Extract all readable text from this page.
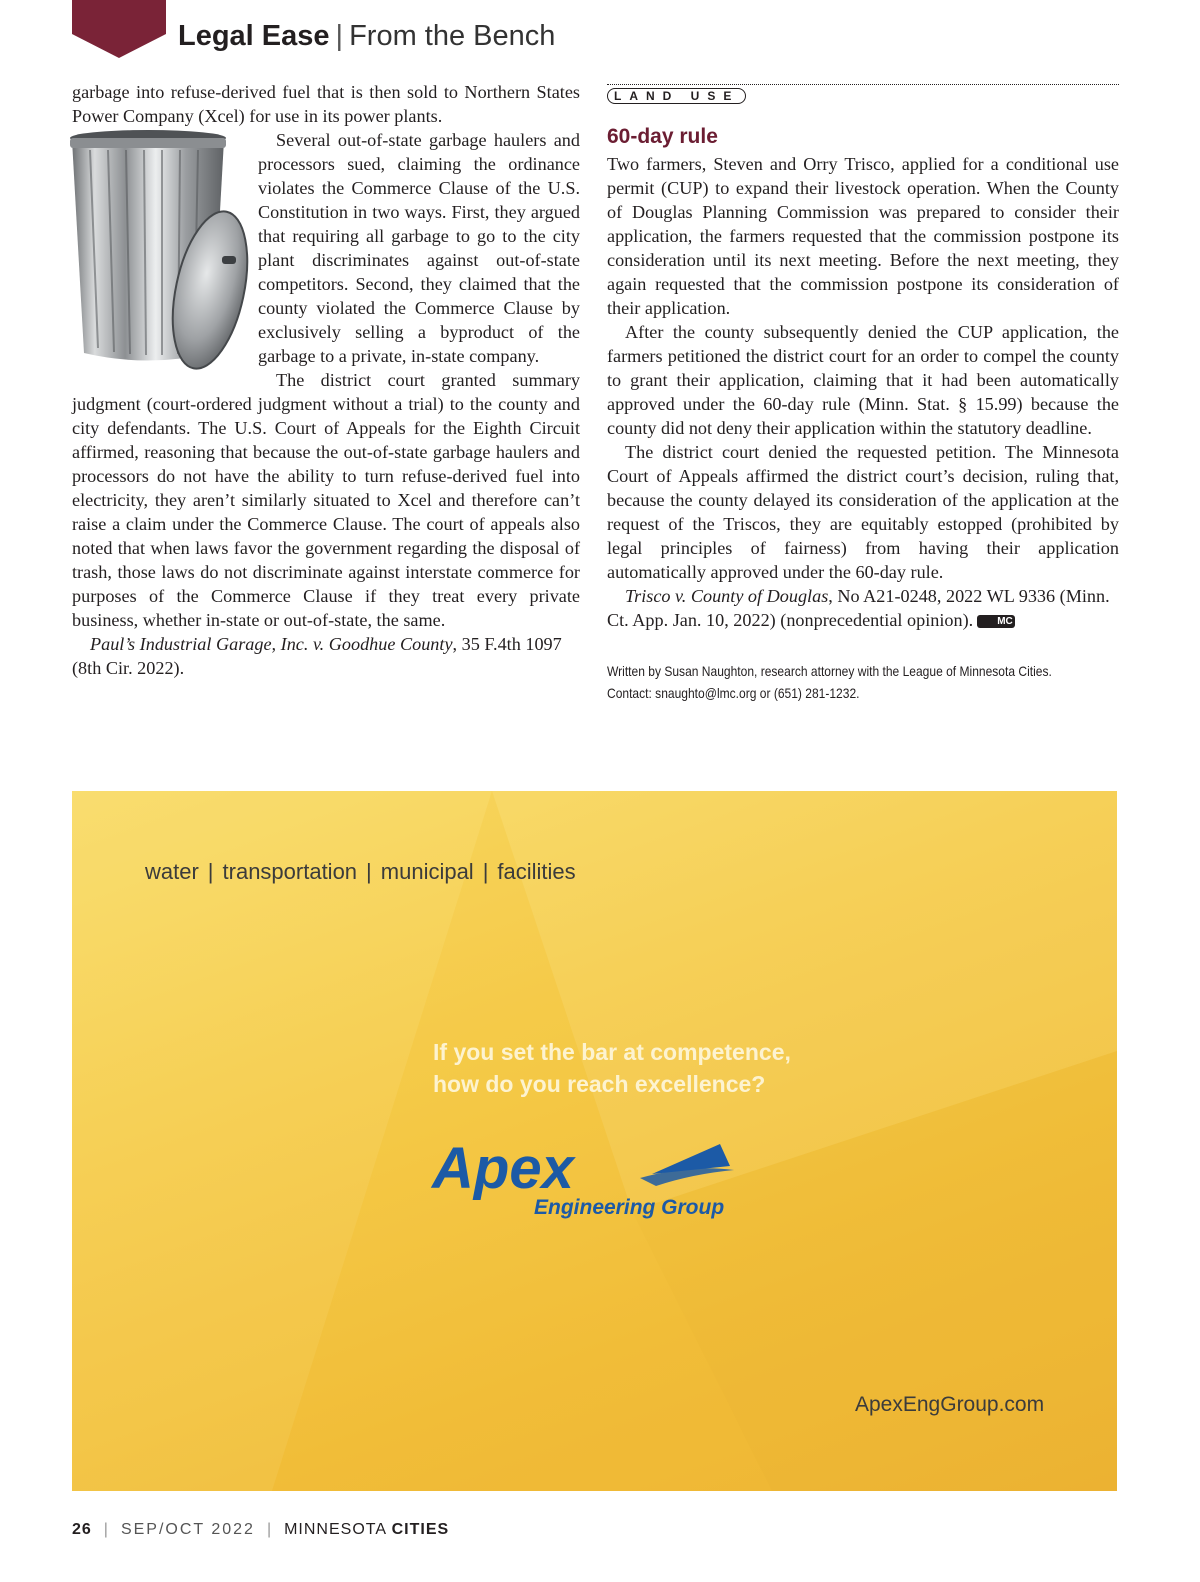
Legal Ease | From the Bench

garbage into refuse-derived fuel that is then sold to Northern States Power Company (Xcel) for use in its power plants.

Several out-of-state garbage haulers and processors sued, claiming the ordinance violates the Commerce Clause of the U.S. Constitution in two ways. First, they argued that requiring all garbage to go to the city plant discriminates against out-of-state competitors. Second, they claimed that the county violated the Commerce Clause by exclusively selling a byproduct of the garbage to a private, in-state company.

The district court granted summary judgment (court-ordered judgment without a trial) to the county and city defendants. The U.S. Court of Appeals for the Eighth Circuit affirmed, reasoning that because the out-of-state garbage haulers and processors do not have the ability to turn refuse-derived fuel into electricity, they aren’t similarly situated to Xcel and therefore can’t raise a claim under the Commerce Clause. The court of appeals also noted that when laws favor the government regarding the disposal of trash, those laws do not discriminate against interstate commerce for purposes of the Commerce Clause if they treat every private business, whether in-state or out-of-state, the same.

Paul’s Industrial Garage, Inc. v. Goodhue County, 35 F.4th 1097 (8th Cir. 2022).

LAND USE
60-day rule

Two farmers, Steven and Orry Trisco, applied for a conditional use permit (CUP) to expand their livestock operation. When the County of Douglas Planning Commission was prepared to consider their application, the farmers requested that the commission postpone its consideration until its next meeting. Before the next meeting, they again requested that the commission postpone its consideration of their application.

After the county subsequently denied the CUP application, the farmers petitioned the district court for an order to compel the county to grant their application, claiming that it had been automatically approved under the 60-day rule (Minn. Stat. § 15.99) because the county did not deny their application within the statutory deadline.

The district court denied the requested petition. The Minnesota Court of Appeals affirmed the district court’s decision, ruling that, because the county delayed its consideration of the application at the request of the Triscos, they are equitably estopped (prohibited by legal principles of fairness) from having their application automatically approved under the 60-day rule.

Trisco v. County of Douglas, No A21-0248, 2022 WL 9336 (Minn. Ct. App. Jan. 10, 2022) (nonprecedential opinion). MC

Written by Susan Naughton, research attorney with the League of Minnesota Cities.
Contact: snaughto@lmc.org or (651) 281-1232.
water | transportation | municipal | facilities
If you set the bar at competence,
how do you reach excellence?
Apex
Engineering Group
ApexEngGroup.com
26 | SEP/OCT 2022 | MINNESOTA CITIES
